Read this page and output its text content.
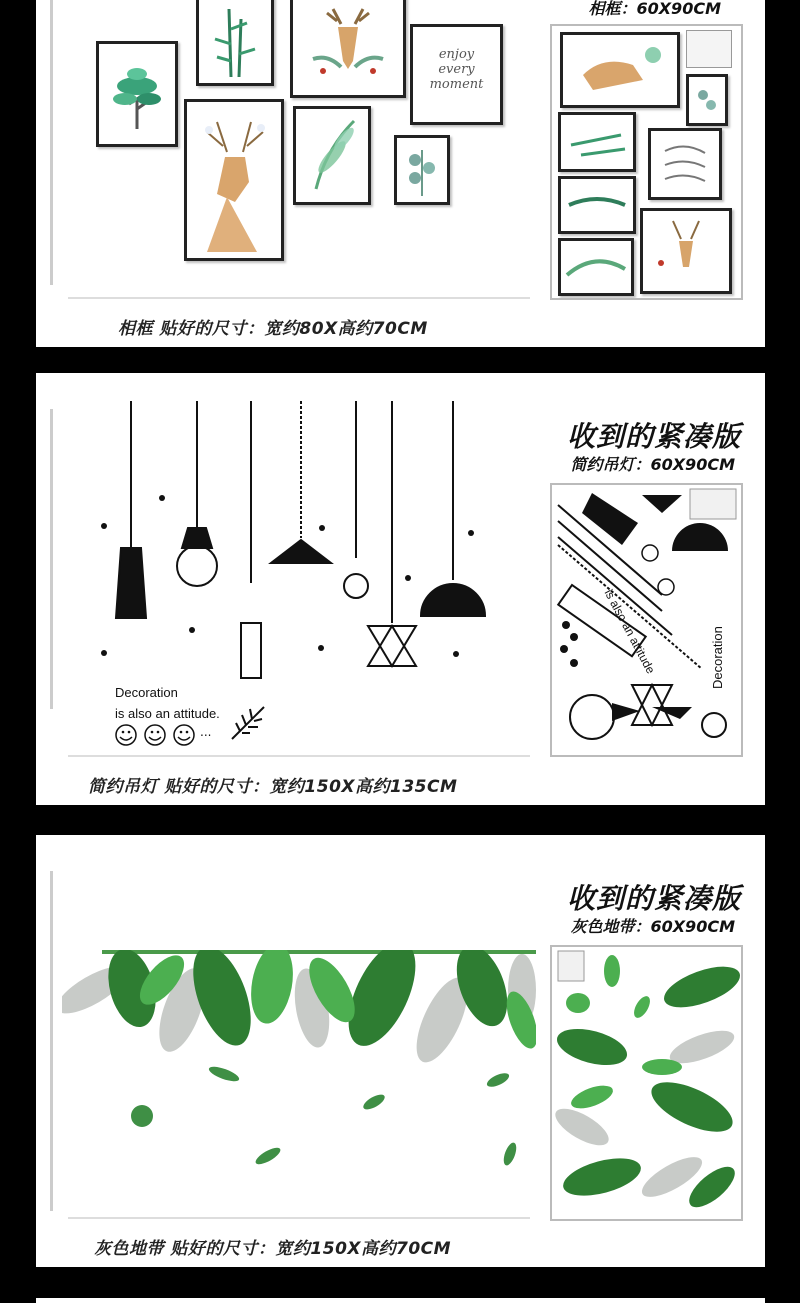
enjoy
every
moment
相框 贴好的尺寸：宽约80X高约70CM
相框：60X90CM
Decoration
is also an attitude.
...
简约吊灯 贴好的尺寸：宽约150X高约135CM
收到的紧凑版
简约吊灯：60X90CM
is also an attitude	Decoration
灰色地带 贴好的尺寸：宽约150X高约70CM
收到的紧凑版
灰色地带：60X90CM
